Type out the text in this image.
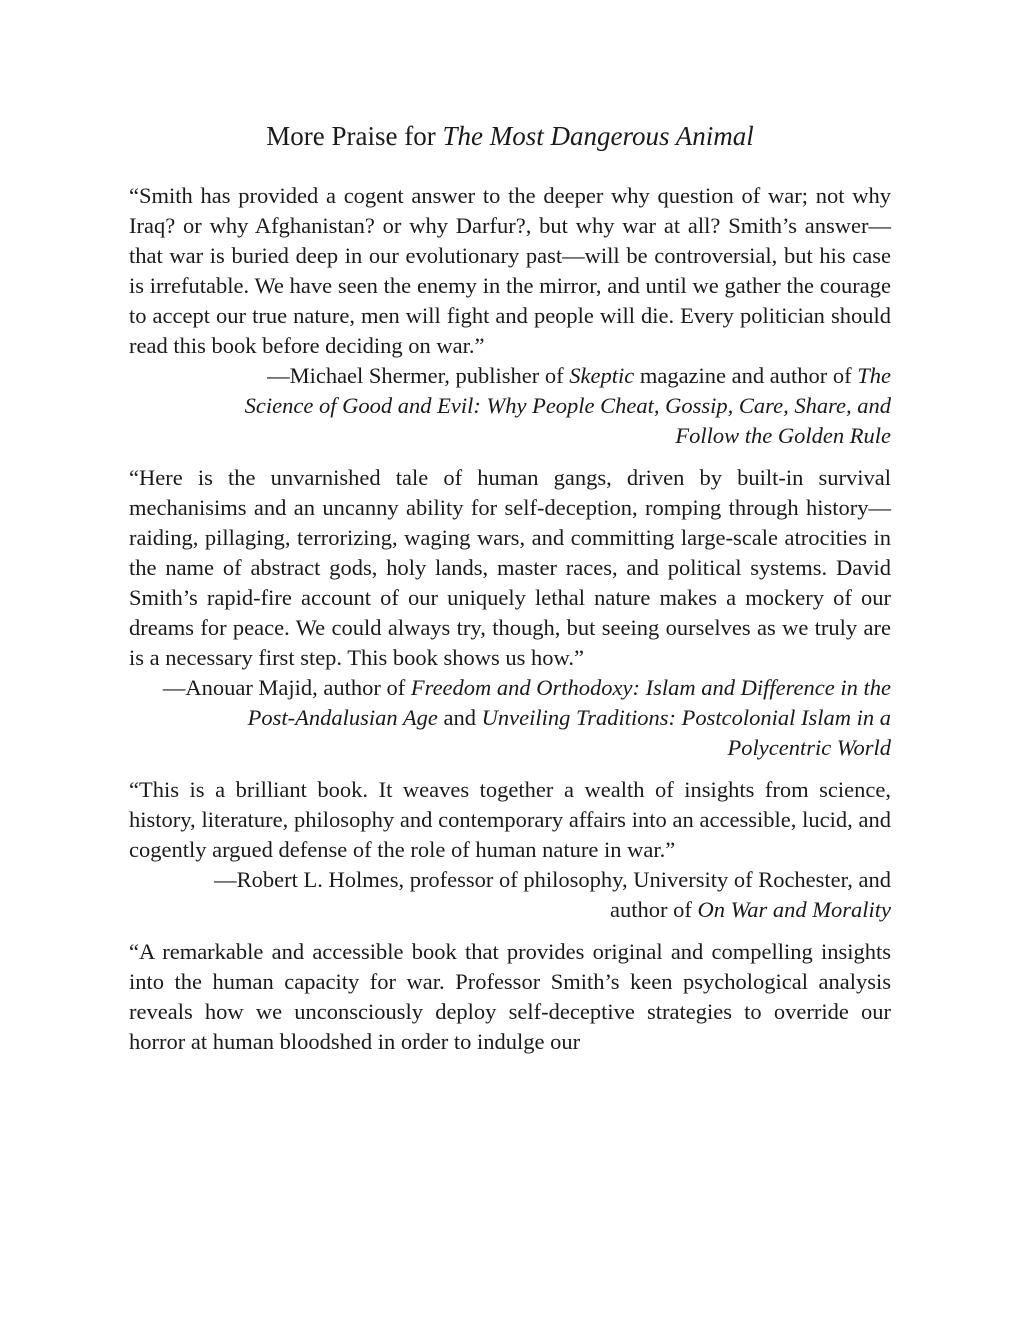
More Praise for The Most Dangerous Animal

“Smith has provided a cogent answer to the deeper why question of war; not why Iraq? or why Afghanistan? or why Darfur?, but why war at all? Smith’s answer—that war is buried deep in our evolutionary past—will be controversial, but his case is irrefutable. We have seen the enemy in the mirror, and until we gather the courage to accept our true nature, men will fight and people will die. Every politician should read this book before deciding on war.”

—Michael Shermer, publisher of Skeptic magazine and author of The Science of Good and Evil: Why People Cheat, Gossip, Care, Share, and Follow the Golden Rule

“Here is the unvarnished tale of human gangs, driven by built-in survival mechanisims and an uncanny ability for self-deception, romping through history—raiding, pillaging, terrorizing, waging wars, and committing large-scale atrocities in the name of abstract gods, holy lands, master races, and political systems. David Smith’s rapid-fire account of our uniquely lethal nature makes a mockery of our dreams for peace. We could always try, though, but seeing ourselves as we truly are is a necessary first step. This book shows us how.”

—Anouar Majid, author of Freedom and Orthodoxy: Islam and Difference in the Post-Andalusian Age and Unveiling Traditions: Postcolonial Islam in a Polycentric World

“This is a brilliant book. It weaves together a wealth of insights from science, history, literature, philosophy and contemporary affairs into an accessible, lucid, and cogently argued defense of the role of human nature in war.”

—Robert L. Holmes, professor of philosophy, University of Rochester, and author of On War and Morality

“A remarkable and accessible book that provides original and compelling insights into the human capacity for war. Professor Smith’s keen psychological analysis reveals how we unconsciously deploy self-deceptive strategies to override our horror at human bloodshed in order to indulge our
